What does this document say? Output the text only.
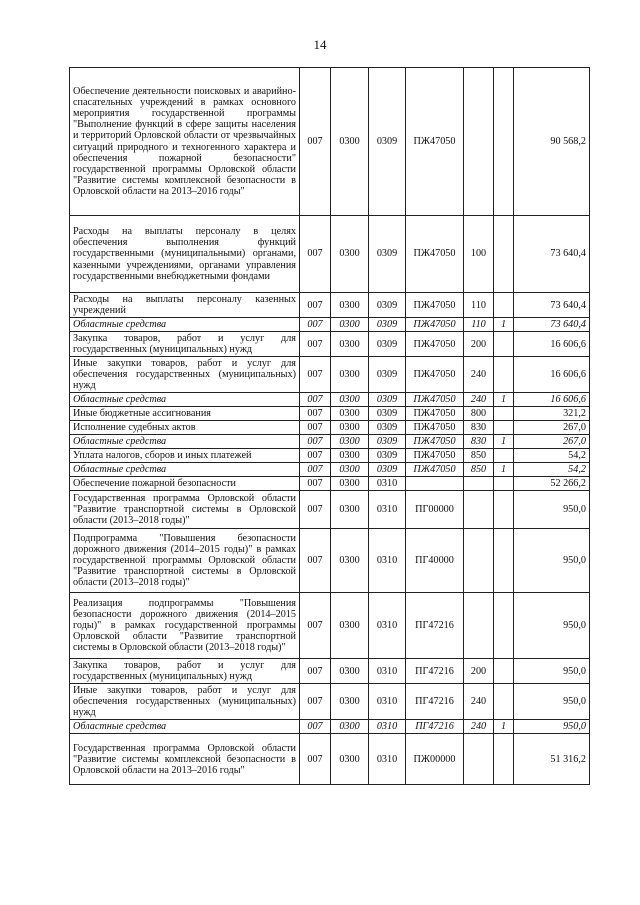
14
Обеспечение деятельности поисковых и аварийно-спасательных учреждений в рамках основного мероприятия государственной программы "Выполнение функций в сфере защиты населения и территорий Орловской области от чрезвычайных ситуаций природного и техногенного характера и обеспечения пожарной безопасности" государственной программы Орловской области "Развитие системы комплексной безопасности в Орловской области на 2013–2016 годы"	007	0300	0309	ПЖ47050			90 568,2
Расходы на выплаты персоналу в целях обеспечения выполнения функций государственными (муниципальными) органами, казенными учреждениями, органами управления государственными внебюджетными фондами	007	0300	0309	ПЖ47050	100		73 640,4
Расходы на выплаты персоналу казенных учреждений	007	0300	0309	ПЖ47050	110		73 640,4
Областные средства	007	0300	0309	ПЖ47050	110	1	73 640,4
Закупка товаров, работ и услуг для государственных (муниципальных) нужд	007	0300	0309	ПЖ47050	200		16 606,6
Иные закупки товаров, работ и услуг для обеспечения государственных (муниципальных) нужд	007	0300	0309	ПЖ47050	240		16 606,6
Областные средства	007	0300	0309	ПЖ47050	240	1	16 606,6
Иные бюджетные ассигнования	007	0300	0309	ПЖ47050	800		321,2
Исполнение судебных актов	007	0300	0309	ПЖ47050	830		267,0
Областные средства	007	0300	0309	ПЖ47050	830	1	267,0
Уплата налогов, сборов и иных платежей	007	0300	0309	ПЖ47050	850		54,2
Областные средства	007	0300	0309	ПЖ47050	850	1	54,2
Обеспечение пожарной безопасности	007	0300	0310				52 266,2
Государственная программа Орловской области "Развитие транспортной системы в Орловской области (2013–2018 годы)"	007	0300	0310	ПГ00000			950,0
Подпрограмма "Повышения безопасности дорожного движения (2014–2015 годы)" в рамках государственной программы Орловской области "Развитие транспортной системы в Орловской области (2013–2018 годы)"	007	0300	0310	ПГ40000			950,0
Реализация подпрограммы "Повышения безопасности дорожного движения (2014–2015 годы)" в рамках государственной программы Орловской области "Развитие транспортной системы в Орловской области (2013–2018 годы)"	007	0300	0310	ПГ47216			950,0
Закупка товаров, работ и услуг для государственных (муниципальных) нужд	007	0300	0310	ПГ47216	200		950,0
Иные закупки товаров, работ и услуг для обеспечения государственных (муниципальных) нужд	007	0300	0310	ПГ47216	240		950,0
Областные средства	007	0300	0310	ПГ47216	240	1	950,0
Государственная программа Орловской области "Развитие системы комплексной безопасности в Орловской области на 2013–2016 годы"	007	0300	0310	ПЖ00000			51 316,2
